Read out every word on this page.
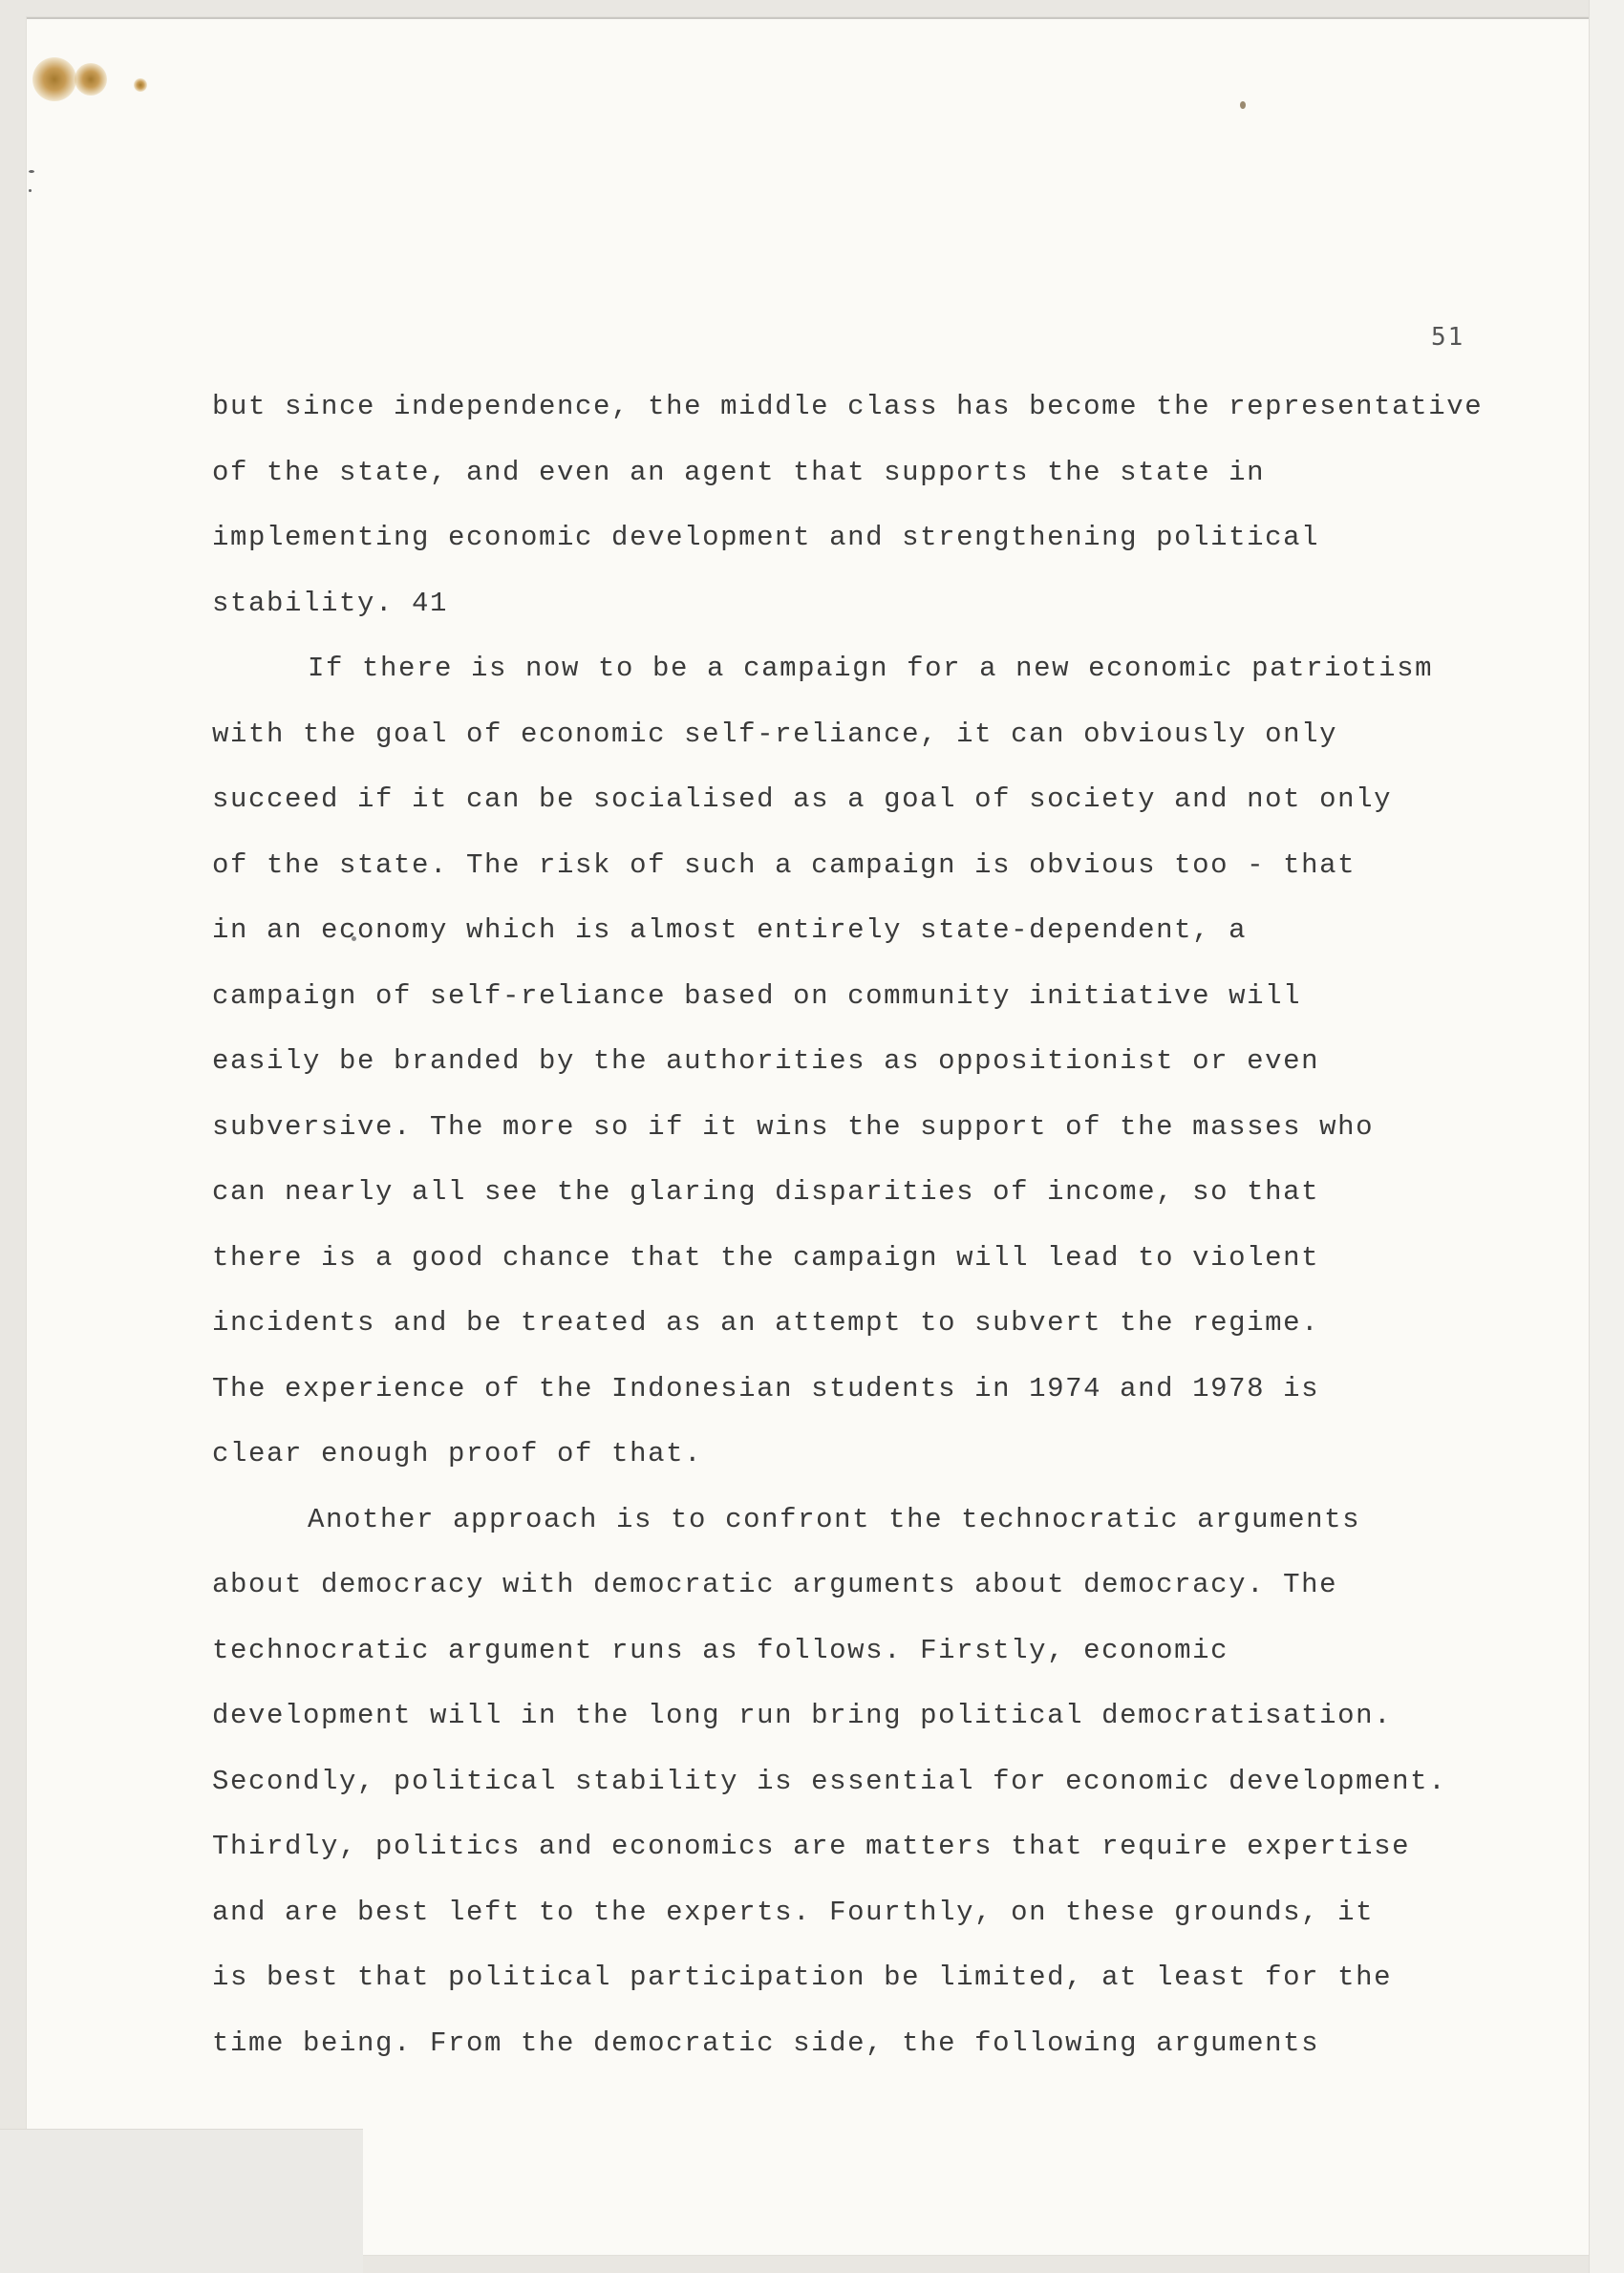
51
but since independence, the middle class has become the representative
of the state, and even an agent that supports the state in
implementing economic development and strengthening political
stability. 41
If there is now to be a campaign for a new economic patriotism
with the goal of economic self-reliance, it can obviously only
succeed if it can be socialised as a goal of society and not only
of the state. The risk of such a campaign is obvious too - that
in an economy which is almost entirely state-dependent, a
campaign of self-reliance based on community initiative will
easily be branded by the authorities as oppositionist or even
subversive. The more so if it wins the support of the masses who
can nearly all see the glaring disparities of income, so that
there is a good chance that the campaign will lead to violent
incidents and be treated as an attempt to subvert the regime.
The experience of the Indonesian students in 1974 and 1978 is
clear enough proof of that.
Another approach is to confront the technocratic arguments
about democracy with democratic arguments about democracy. The
technocratic argument runs as follows. Firstly, economic
development will in the long run bring political democratisation.
Secondly, political stability is essential for economic development.
Thirdly, politics and economics are matters that require expertise
and are best left to the experts. Fourthly, on these grounds, it
is best that political participation be limited, at least for the
time being. From the democratic side, the following arguments
